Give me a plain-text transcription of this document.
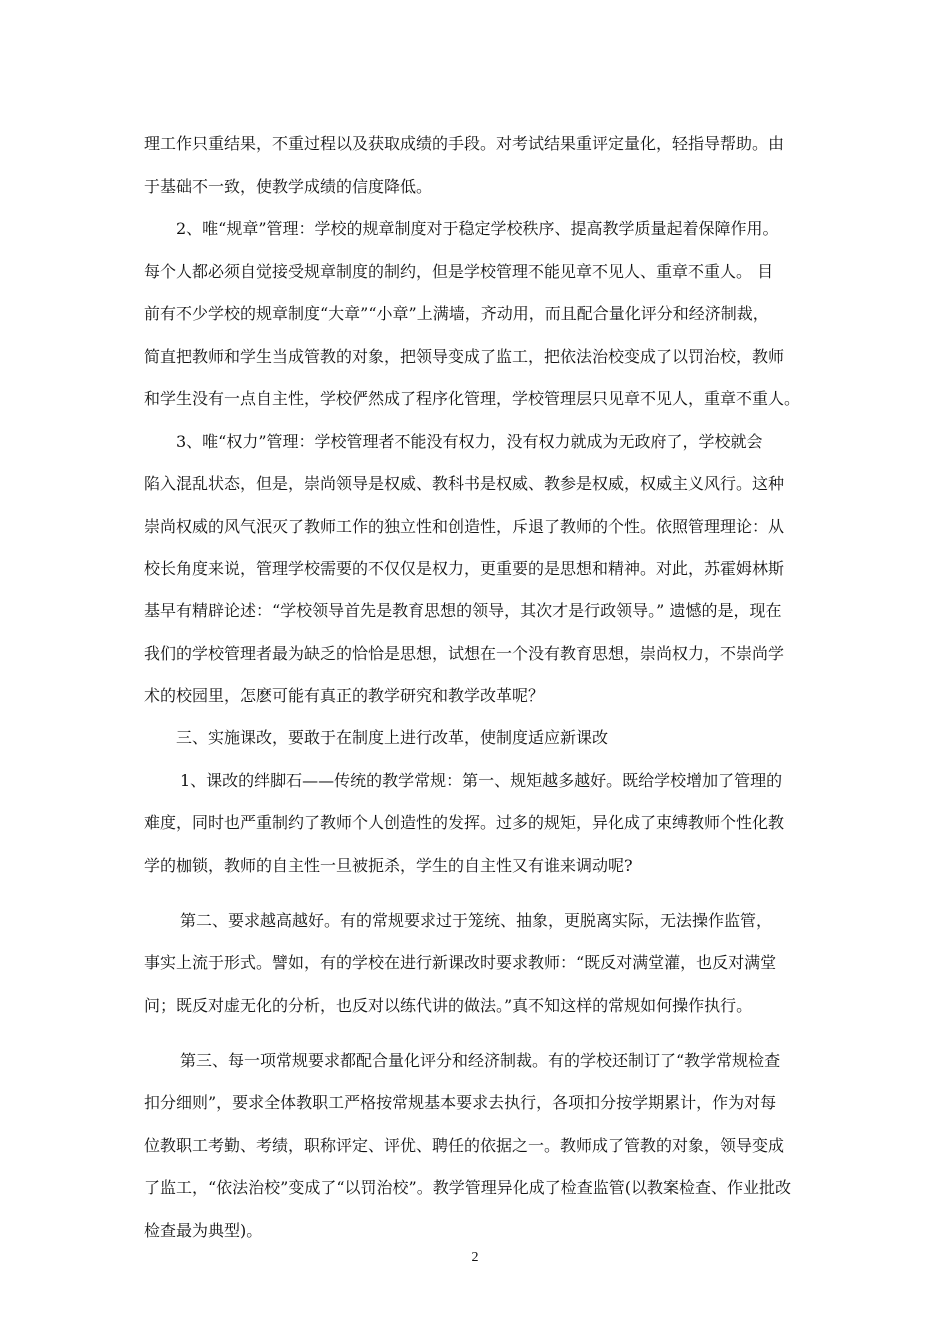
理工作只重结果，不重过程以及获取成绩的手段。对考试结果重评定量化，轻指导帮助。由
于基础不一致，使教学成绩的信度降低。
2、唯“规章”管理：学校的规章制度对于稳定学校秩序、提高教学质量起着保障作用。
每个人都必须自觉接受规章制度的制约，但是学校管理不能见章不见人、重章不重人。 目
前有不少学校的规章制度“大章”“小章”上满墙，齐动用，而且配合量化评分和经济制裁，
简直把教师和学生当成管教的对象，把领导变成了监工，把依法治校变成了以罚治校，教师
和学生没有一点自主性，学校俨然成了程序化管理，学校管理层只见章不见人，重章不重人。
3、唯“权力”管理：学校管理者不能没有权力，没有权力就成为无政府了，学校就会
陷入混乱状态，但是，崇尚领导是权威、教科书是权威、教参是权威，权威主义风行。这种
崇尚权威的风气泯灭了教师工作的独立性和创造性，斥退了教师的个性。依照管理理论：从
校长角度来说，管理学校需要的不仅仅是权力，更重要的是思想和精神。对此，苏霍姆林斯
基早有精辟论述：“学校领导首先是教育思想的领导，其次才是行政领导。” 遗憾的是，现在
我们的学校管理者最为缺乏的恰恰是思想，试想在一个没有教育思想，崇尚权力，不崇尚学
术的校园里，怎麽可能有真正的教学研究和教学改革呢？
三、实施课改，要敢于在制度上进行改革，使制度适应新课改
1、课改的绊脚石——传统的教学常规：第一、规矩越多越好。既给学校增加了管理的
难度，同时也严重制约了教师个人创造性的发挥。过多的规矩，异化成了束缚教师个性化教
学的枷锁，教师的自主性一旦被扼杀，学生的自主性又有谁来调动呢?
第二、要求越高越好。有的常规要求过于笼统、抽象，更脱离实际，无法操作监管，
事实上流于形式。譬如，有的学校在进行新课改时要求教师：“既反对满堂灌，也反对满堂
问；既反对虚无化的分析，也反对以练代讲的做法。”真不知这样的常规如何操作执行。
第三、每一项常规要求都配合量化评分和经济制裁。有的学校还制订了“教学常规检查
扣分细则”，要求全体教职工严格按常规基本要求去执行，各项扣分按学期累计，作为对每
位教职工考勤、考绩，职称评定、评优、聘任的依据之一。教师成了管教的对象，领导变成
了监工，“依法治校”变成了“以罚治校”。教学管理异化成了检查监管(以教案检查、作业批改
检查最为典型)。
2
